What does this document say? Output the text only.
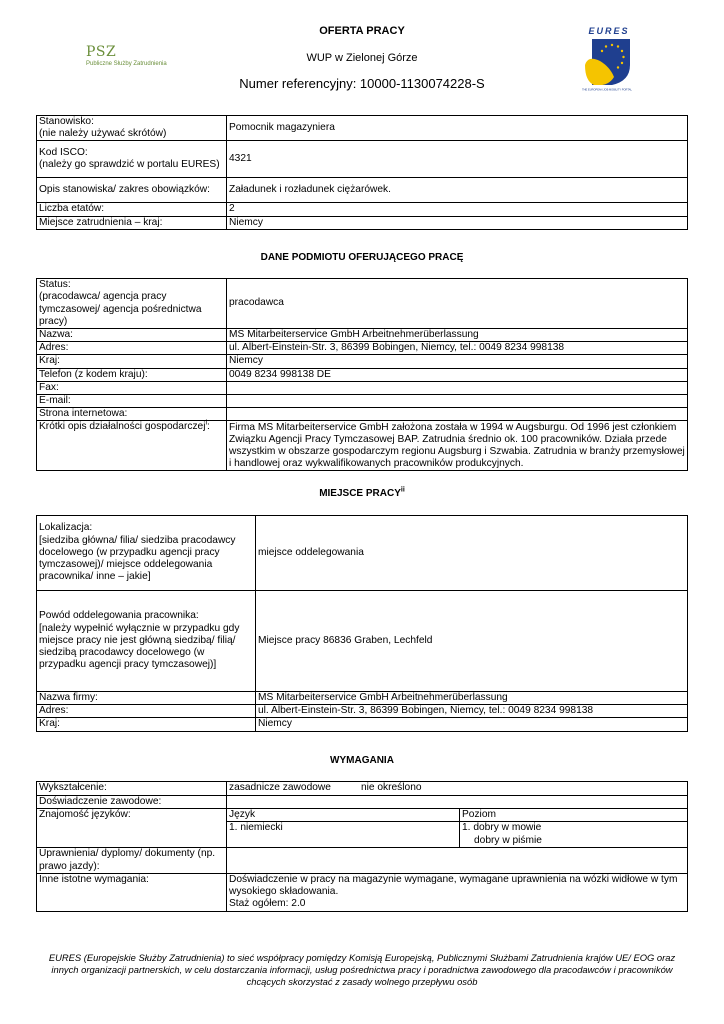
PSZ
Publiczne Służby Zatrudnienia
OFERTA PRACY
WUP w Zielonej Górze
Numer referencyjny: 10000-1130074228-S
EURES
THE EUROPEAN JOB MOBILITY PORTAL
Stanowisko:
(nie należy używać skrótów)	Pomocnik magazyniera
Kod ISCO:
(należy go sprawdzić w portalu EURES)	4321
Opis stanowiska/ zakres obowiązków:	Załadunek i rozładunek ciężarówek.
Liczba etatów:	2
Miejsce zatrudnienia – kraj:	Niemcy
DANE PODMIOTU OFERUJĄCEGO PRACĘ
Status:
(pracodawca/ agencja pracy tymczasowej/ agencja pośrednictwa pracy)	pracodawca
Nazwa:	MS Mitarbeiterservice GmbH Arbeitnehmerüberlassung
Adres:	ul. Albert-Einstein-Str. 3, 86399 Bobingen, Niemcy, tel.: 0049 8234 998138
Kraj:	Niemcy
Telefon (z kodem kraju):	0049 8234 998138 DE
Fax:	
E-mail:	
Strona internetowa:	
Krótki opis działalności gospodarczej$^i$:	Firma MS Mitarbeiterservice GmbH założona została w 1994 w Augsburgu. Od 1996 jest członkiem Związku Agencji Pracy Tymczasowej BAP. Zatrudnia średnio ok. 100 pracowników. Działa przede wszystkim w obszarze gospodarczym regionu Augsburg i Szwabia. Zatrudnia w branży przemysłowej i handlowej oraz wykwalifikowanych pracowników produkcyjnych.
MIEJSCE PRACY$^{ii}$
Lokalizacja:
[siedziba główna/ filia/ siedziba pracodawcy docelowego (w przypadku agencji pracy tymczasowej)/ miejsce oddelegowania pracownika/ inne – jakie]	miejsce oddelegowania
Powód oddelegowania pracownika:
[należy wypełnić wyłącznie w przypadku gdy miejsce pracy nie jest główną siedzibą/ filią/ siedzibą pracodawcy docelowego (w przypadku agencji pracy tymczasowej)]	Miejsce pracy 86836 Graben, Lechfeld
Nazwa firmy:	MS Mitarbeiterservice GmbH Arbeitnehmerüberlassung
Adres:	ul. Albert-Einstein-Str. 3, 86399 Bobingen, Niemcy, tel.: 0049 8234 998138
Kraj:	Niemcy
WYMAGANIA
Wykształcenie:	zasadnicze zawodowe nie określono	
Doświadczenie zawodowe:		
Znajomość języków:	Język	Poziom
	1. niemiecki	1. dobry w mowie
dobry w piśmie

Uprawnienia/ dyplomy/ dokumenty (np. prawo jazdy):		
Inne istotne wymagania:	Doświadczenie w pracy na magazynie wymagane, wymagane uprawnienia na wózki widłowe w tym wysokiego składowania.
Staż ogółem: 2.0	
EURES (Europejskie Służby Zatrudnienia) to sieć współpracy pomiędzy Komisją Europejską, Publicznymi Służbami Zatrudnienia krajów UE/ EOG oraz innych organizacji partnerskich, w celu dostarczania informacji, usług pośrednictwa pracy i poradnictwa zawodowego dla pracodawców i pracowników chcących skorzystać z zasady wolnego przepływu osób
